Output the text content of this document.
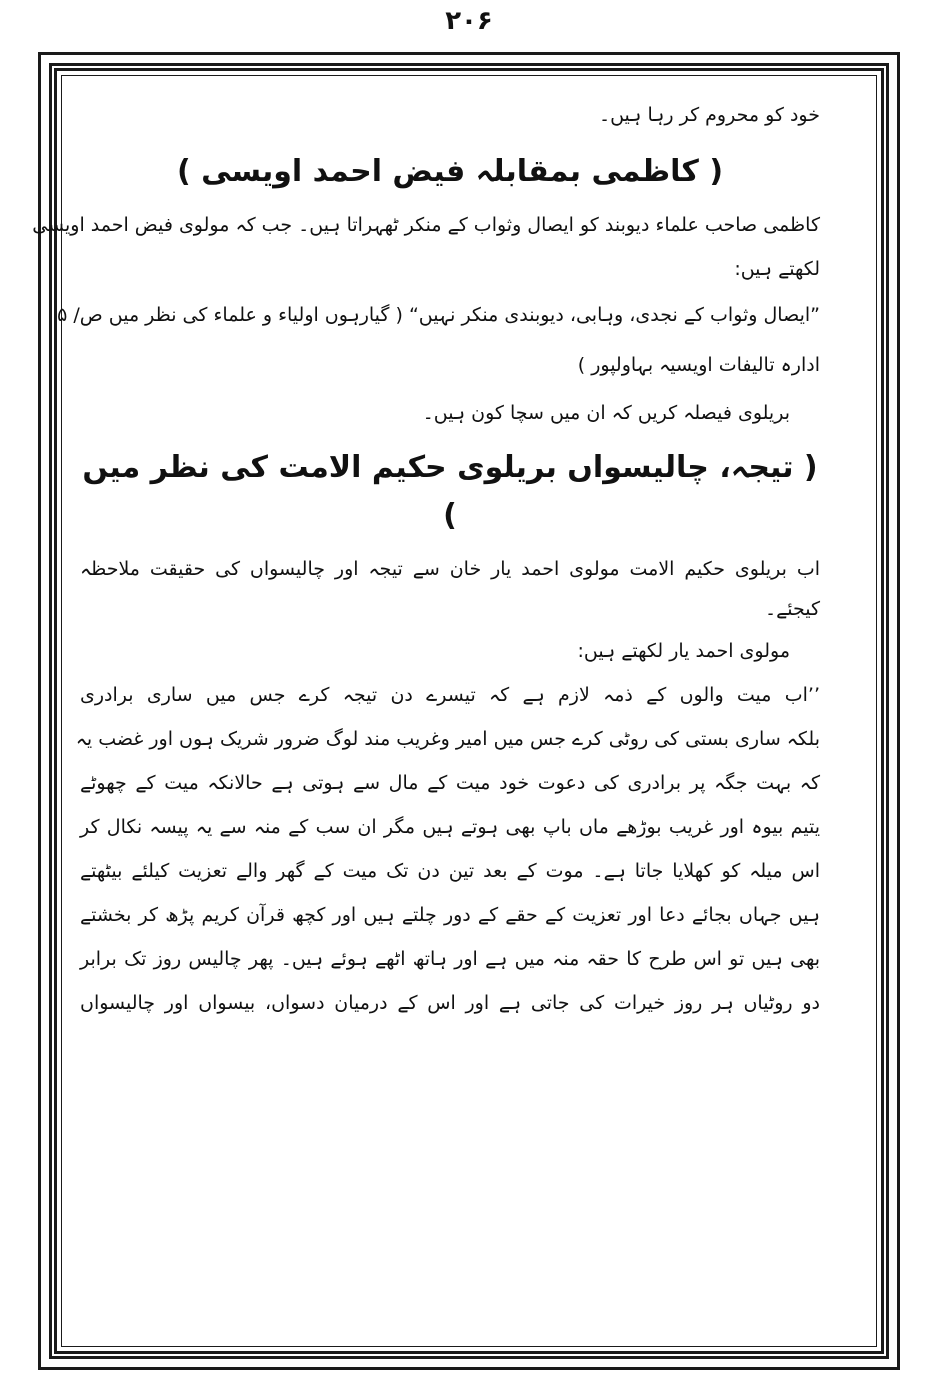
۲۰۶
خود کو محروم کر رہا ہیں۔
( کاظمی بمقابلہ فیض احمد اویسی )
کاظمی صاحب علماء دیوبند کو ایصال وثواب کے منکر ٹھہراتا ہیں۔ جب کہ مولوی فیض احمد اویسی
لکھتے ہیں:
”ایصال وثواب کے نجدی، وہابی، دیوبندی منکر نہیں“ ( گیارہوں اولیاء و علماء کی نظر میں ص/ ۵
ادارہ تالیفات اویسیہ بہاولپور )
بریلوی فیصلہ کریں کہ ان میں سچا کون ہیں۔
( تیجہ، چالیسواں بریلوی حکیم الامت کی نظر میں )
اب بریلوی حکیم الامت مولوی احمد یار خان سے تیجہ اور چالیسواں کی حقیقت ملاحظہ
کیجئے۔
مولوی احمد یار لکھتے ہیں:
’’اب میت والوں کے ذمہ لازم ہے کہ تیسرے دن تیجہ کرے جس میں ساری برادری
بلکہ ساری بستی کی روٹی کرے جس میں امیر وغریب مند لوگ ضرور شریک ہوں اور غضب یہ
کہ بہت جگہ پر برادری کی دعوت خود میت کے مال سے ہوتی ہے حالانکہ میت کے چھوٹے
یتیم بیوہ اور غریب بوڑھے ماں باپ بھی ہوتے ہیں مگر ان سب کے منہ سے یہ پیسہ نکال کر
اس میلہ کو کھلایا جاتا ہے۔ موت کے بعد تین دن تک میت کے گھر والے تعزیت کیلئے بیٹھتے
ہیں جہاں بجائے دعا اور تعزیت کے حقے کے دور چلتے ہیں اور کچھ قرآن کریم پڑھ کر بخشتے
بھی ہیں تو اس طرح کا حقہ منہ میں ہے اور ہاتھ اٹھے ہوئے ہیں۔ پھر چالیس روز تک برابر
دو روٹیاں ہر روز خیرات کی جاتی ہے اور اس کے درمیان دسواں، بیسواں اور چالیسواں
